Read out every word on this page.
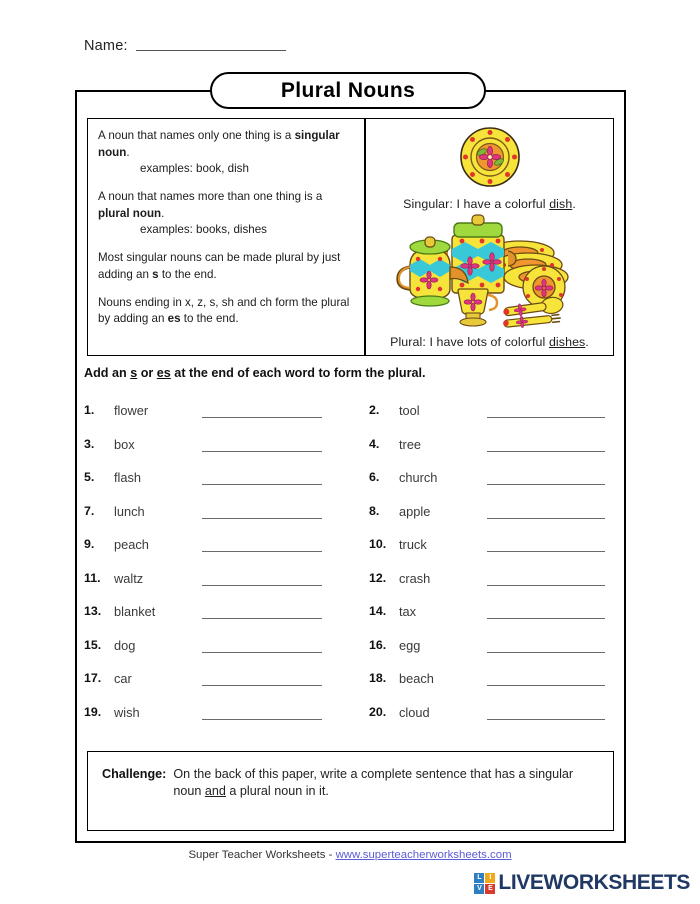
Name:
Plural Nouns

A noun that names only one thing is a singular noun.
examples: book, dish

A noun that names more than one thing is a plural noun.
examples: books, dishes

Most singular nouns can be made plural by just adding an s to the end.

Nouns ending in x, z, s, sh and ch form the plural by adding an es to the end.

Singular: I have a colorful dish.
Plural: I have lots of colorful dishes.
Add an s or es at the end of each word to form the plural.
1.	flower	2.	tool
3.	box	4.	tree
5.	flash	6.	church
7.	lunch	8.	apple
9.	peach	10. truck
11.	waltz	12. crash
13. blanket	14. tax
15. dog	16. egg
17. car	18. beach
19. wish	20. cloud
Challenge: On the back of this paper, write a complete sentence that has a singular noun and a plural noun in it.
Super Teacher Worksheets - www.superteacherworksheets.com
L	I
V E LIVEWORKSHEETS
